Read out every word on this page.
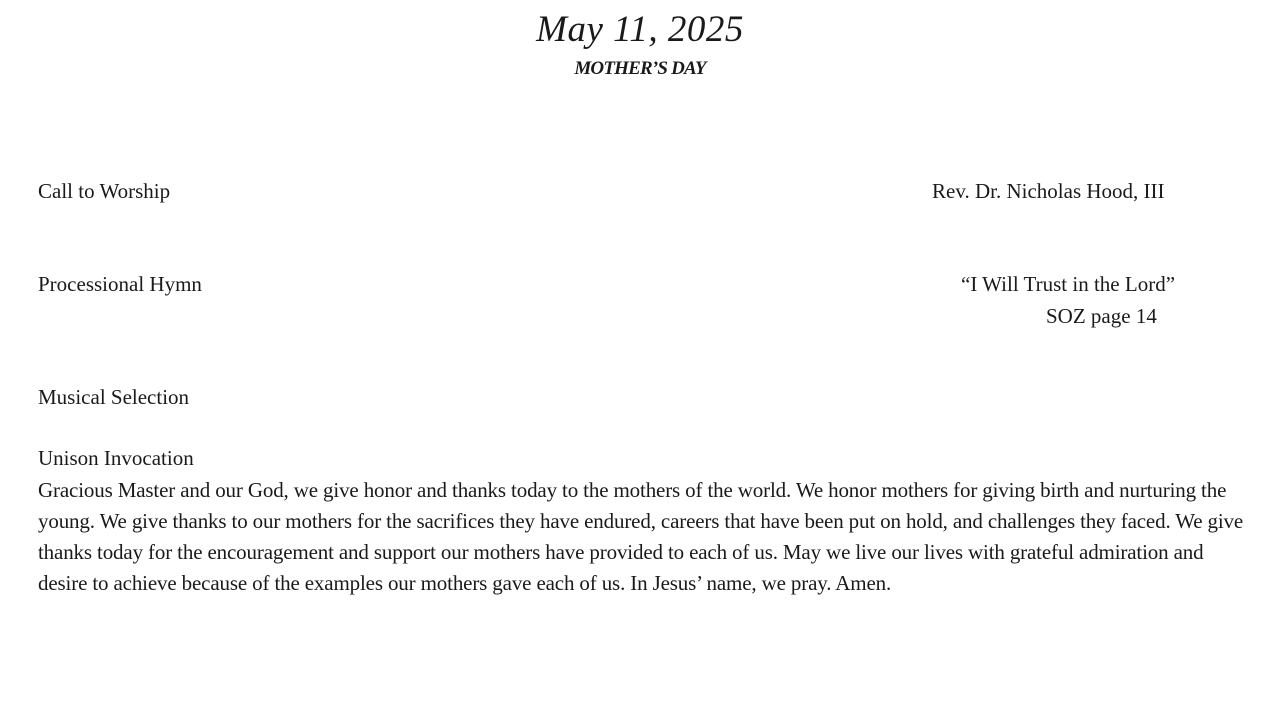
May 11, 2025
MOTHER’S DAY
Call to Worship	Rev. Dr. Nicholas Hood, III
Processional Hymn	“I Will Trust in the Lord”
SOZ page 14
Musical Selection
Unison Invocation

Gracious Master and our God, we give honor and thanks today to the mothers of the world. We honor mothers for giving birth and nurturing the young. We give thanks to our mothers for the sacrifices they have endured, careers that have been put on hold, and challenges they faced. We give thanks today for the encouragement and support our mothers have provided to each of us. May we live our lives with grateful admiration and desire to achieve because of the examples our mothers gave each of us. In Jesus’ name, we pray. Amen.
